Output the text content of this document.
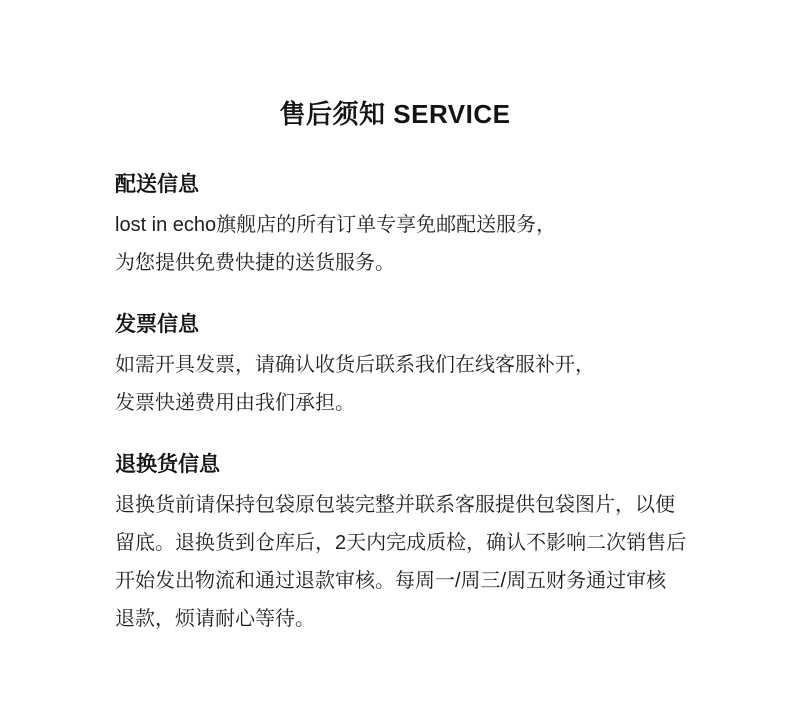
售后须知 SERVICE
配送信息

lost in echo旗舰店的所有订单专享免邮配送服务，

为您提供免费快捷的送货服务。

发票信息

如需开具发票，请确认收货后联系我们在线客服补开，

发票快递费用由我们承担。

退换货信息

退换货前请保持包袋原包装完整并联系客服提供包袋图片，以便

留底。退换货到仓库后，2天内完成质检，确认不影响二次销售后

开始发出物流和通过退款审核。每周一/周三/周五财务通过审核

退款，烦请耐心等待。
